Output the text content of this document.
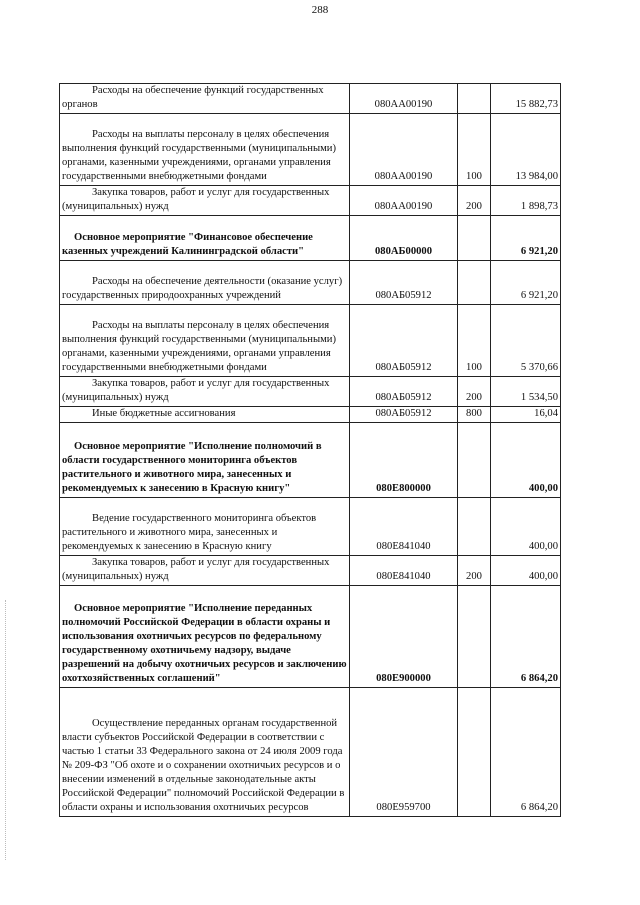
288
Расходы на обеспечение функций государственных органов	080АА00190		15 882,73

Расходы на выплаты персоналу в целях обеспечения выполнения функций государственными (муниципальными) органами, казенными учреждениями, органами управления государственными внебюджетными фондами	080АА00190	100	13 984,00

Закупка товаров, работ и услуг для государственных (муниципальных) нужд	080АА00190	200	1 898,73

Основное мероприятие "Финансовое обеспечение казенных учреждений Калининградской области"	080АБ00000		6 921,20

Расходы на обеспечение деятельности (оказание услуг) государственных природоохранных учреждений	080АБ05912		6 921,20

Расходы на выплаты персоналу в целях обеспечения выполнения функций государственными (муниципальными) органами, казенными учреждениями, органами управления государственными внебюджетными фондами	080АБ05912	100	5 370,66

Закупка товаров, работ и услуг для государственных (муниципальных) нужд	080АБ05912	200	1 534,50

Иные бюджетные ассигнования	080АБ05912	800	16,04

Основное мероприятие "Исполнение полномочий в области государственного мониторинга объектов растительного и животного мира, занесенных и рекомендуемых к занесению в Красную книгу"	080Е800000		400,00

Ведение государственного мониторинга объектов растительного и животного мира, занесенных и рекомендуемых к занесению в Красную книгу	080Е841040		400,00

Закупка товаров, работ и услуг для государственных (муниципальных) нужд	080Е841040	200	400,00

Основное мероприятие "Исполнение переданных полномочий Российской Федерации в области охраны и использования охотничьих ресурсов по федеральному государственному охотничьему надзору, выдаче разрешений на добычу охотничьих ресурсов и заключению охотхозяйственных соглашений"	080Е900000		6 864,20

Осуществление переданных органам государственной власти субъектов Российской Федерации в соответствии с частью 1 статьи 33 Федерального закона от 24 июля 2009 года № 209-ФЗ "Об охоте и о сохранении охотничьих ресурсов и о внесении изменений в отдельные законодательные акты Российской Федерации" полномочий Российской Федерации в области охраны и использования охотничьих ресурсов	080Е959700		6 864,20
